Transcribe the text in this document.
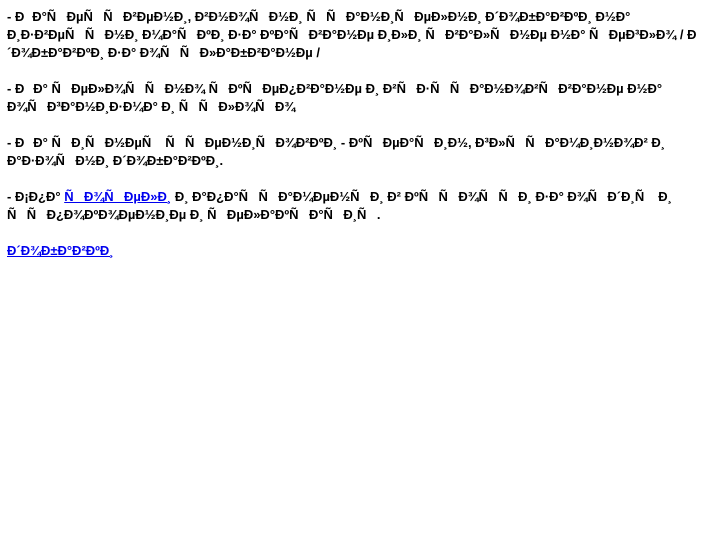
- ÐÐ°ÑÐµÑÑÐ²ÐµÐ½Ð¸, Ð²Ð½Ð¾ÑÐ½Ð¸ ÑÑÐ°Ð½Ð¸ÑÐµÐ»Ð½Ð¸ Ð´Ð¾Ð±Ð°Ð²ÐºÐ¸ Ð½Ð° Ð¸Ð·Ð²ÐµÑÑÐ½Ð¸ Ð¼Ð°ÑÐºÐ¸ Ð·Ð° ÐºÐ°ÑÐ²Ð°Ð½Ðµ Ð¸Ð»Ð¸ ÑÐ²Ð°Ð»ÑÐ½Ðµ Ð½Ð° ÑÐµÐ³Ð»Ð¾ / Ð´Ð¾Ð±Ð°Ð²ÐºÐ¸ Ð·Ð° Ð¾ÑÑÐ»Ð°Ð±Ð²Ð°Ð½Ðµ /

- ÐÐ° ÑÐµÐ»Ð¾ÑÑÐ½Ð¾ ÑÐºÑÐµÐ¿Ð²Ð°Ð½Ðµ Ð¸ Ð²ÑÐ·ÑÑÐ°Ð½Ð¾Ð²ÑÐ²Ð°Ð½Ðµ Ð½Ð° Ð¾ÑÐ³Ð°Ð½Ð¸Ð·Ð¼Ð° Ð¸ ÑÑÐ»Ð¾ÑÐ¾

- ÐÐ° ÑÐ¸ÑÐ½ÐµÑ ÑÑÐµÐ½Ð¸ÑÐ¾Ð²ÐºÐ¸ - ÐºÑÐµÐ°ÑÐ¸Ð½, Ð³Ð»ÑÑÐ°Ð¼Ð¸Ð½Ð¾Ð² Ð¸ Ð°Ð·Ð¾ÑÐ½Ð¸ Ð´Ð¾Ð±Ð°Ð²ÐºÐ¸.

- Ð¡Ð¿Ð° ÑÐ¾ÑÐµÐ»Ð¸ Ð¸ Ð°Ð¿Ð°ÑÑÐ°Ð¼ÐµÐ½ÑÐ¸ Ð² ÐºÑÑÐ¾ÑÑÐ¸ Ð·Ð° Ð¾ÑÐ´Ð¸Ñ Ð¸ ÑÑÐ¿Ð¾ÐºÐ¾ÐµÐ½Ð¸Ðµ Ð¸ ÑÐµÐ»Ð°ÐºÑÐ°ÑÐ¸Ñ.

Ð´Ð¾Ð±Ð°Ð²ÐºÐ¸
